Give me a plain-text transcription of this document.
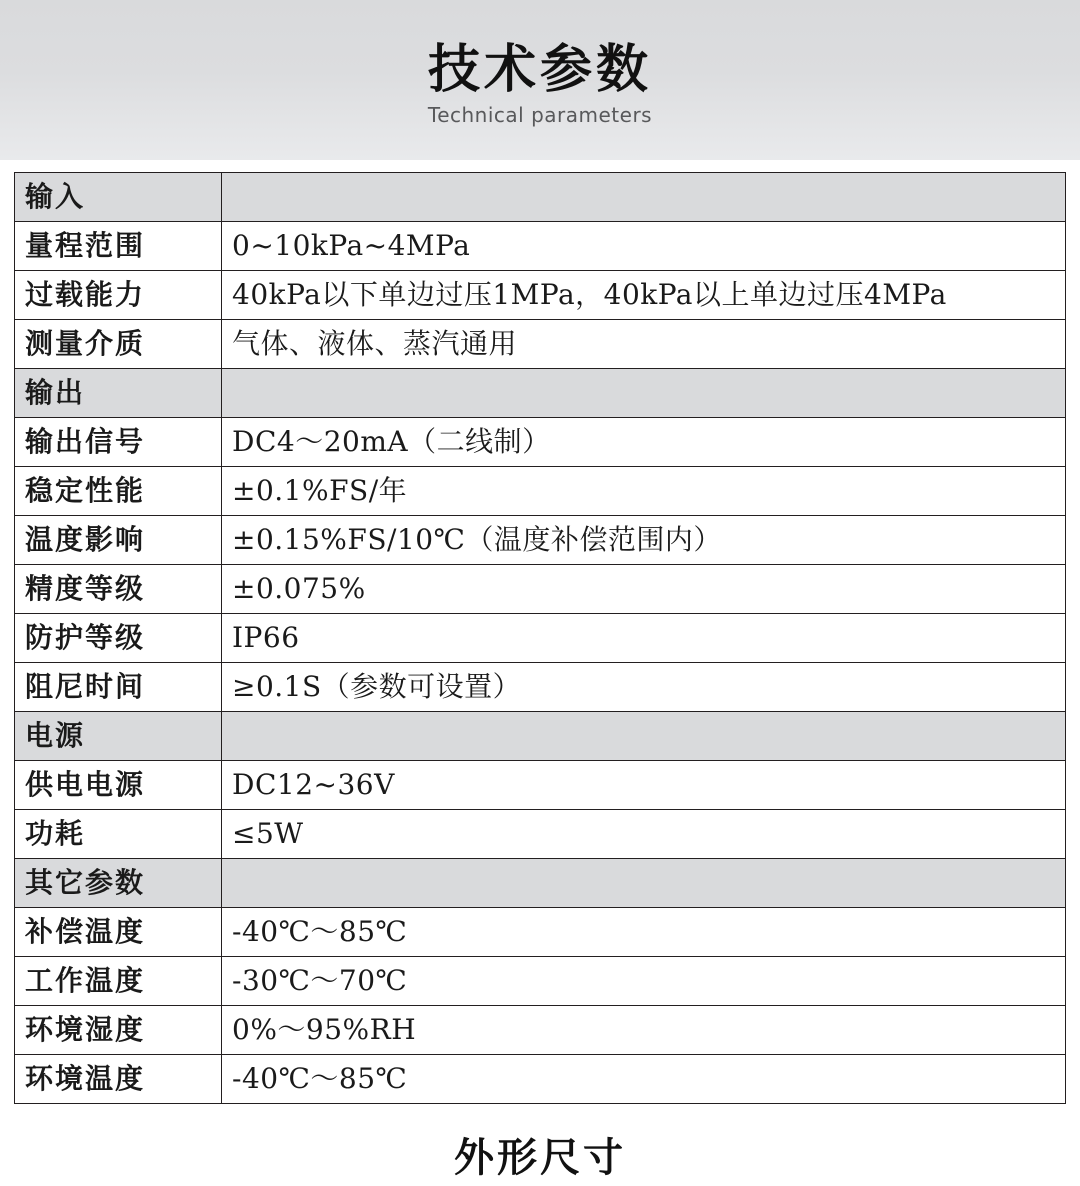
技术参数
Technical parameters
输入	
量程范围	0~10kPa~4MPa
过载能力	40kPa以下单边过压1MPa，40kPa以上单边过压4MPa
测量介质	气体、液体、蒸汽通用
输出	
输出信号	DC4～20mA（二线制）
稳定性能	±0.1%FS/年
温度影响	±0.15%FS/10℃（温度补偿范围内）
精度等级	±0.075%
防护等级	IP66
阻尼时间	≥0.1S（参数可设置）
电源	
供电电源	DC12~36V
功耗	≤5W
其它参数	
补偿温度	-40℃～85℃
工作温度	-30℃～70℃
环境湿度	0%～95%RH
环境温度	-40℃～85℃
外形尺寸
